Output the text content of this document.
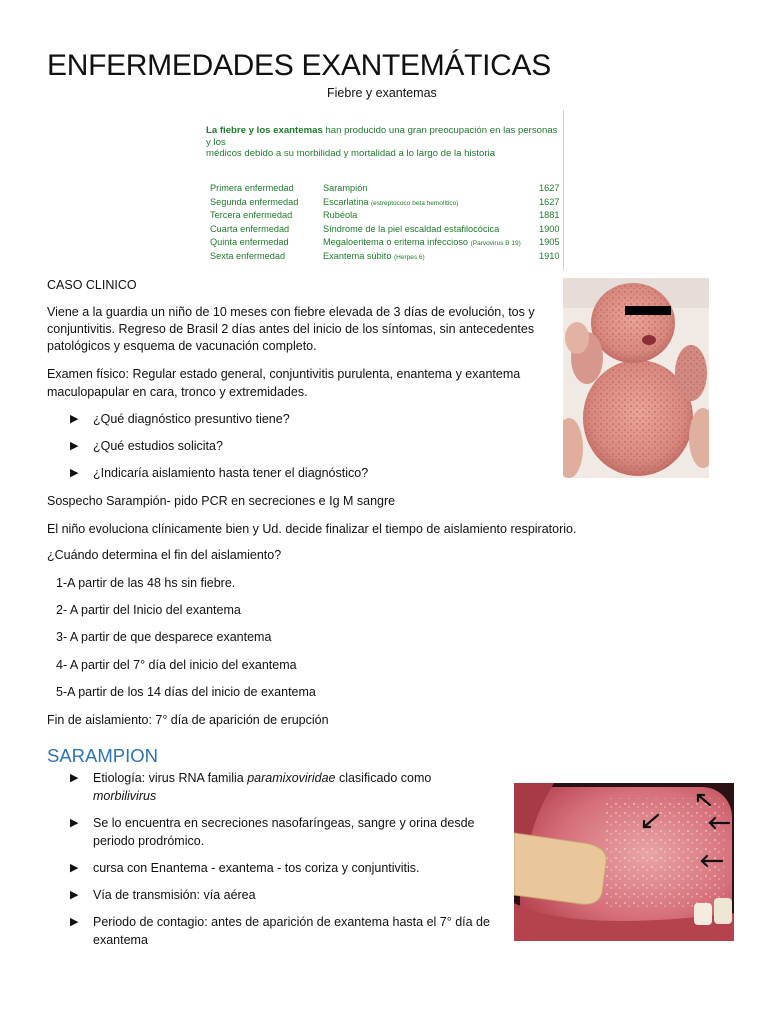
ENFERMEDADES EXANTEMÁTICAS
Fiebre y exantemas
La fiebre y los exantemas han producido una gran preocupación en las personas y los
médicos debido a su morbilidad y mortalidad a lo largo de la historia
Primera enfermedad	Sarampión	1627
Segunda enfermedad	Escarlatina (estreptococo beta hemolítico)	1627
Tercera enfermedad	Rubéola	1881
Cuarta enfermedad	Síndrome de la piel escaldad estafilocócica	1900
Quinta enfermedad	Megaloeritema o eritema infeccioso (Parvovirus B 19) 1905
Sexta enfermedad	Exantema súbito (Herpes 6)	1910
CASO CLINICO
Viene a la guardia un niño de 10 meses con fiebre elevada de 3 días de evolución, tos y
conjuntivitis. Regreso de Brasil 2 días antes del inicio de los síntomas, sin antecedentes
patológicos y esquema de vacunación completo.
Examen físico: Regular estado general, conjuntivitis purulenta, enantema y exantema
maculopapular en cara, tronco y extremidades.
▶ ¿Qué diagnóstico presuntivo tiene?
▶ ¿Qué estudios solicita?
▶ ¿Indicaría aislamiento hasta tener el diagnóstico?
Sospecho Sarampión- pido PCR en secreciones e Ig M sangre
El niño evoluciona clínicamente bien y Ud. decide finalizar el tiempo de aislamiento respiratorio.
¿Cuándo determina el fin del aislamiento?
1-A partir de las 48 hs sin fiebre.
2- A partir del Inicio del exantema
3- A partir de que desparece exantema
4- A partir del 7° día del inicio del exantema
5-A partir de los 14 días del inicio de exantema
Fin de aislamiento: 7° día de aparición de erupción
SARAMPION
▶ Etiología: virus RNA familia paramixoviridae clasificado como
morbilivirus
▶ Se lo encuentra en secreciones nasofaríngeas, sangre y orina desde
periodo prodrómico.
▶ cursa con Enantema - exantema - tos coriza y conjuntivitis.
▶ Vía de transmisión: vía aérea
▶ Periodo de contagio: antes de aparición de exantema hasta el 7° día de
exantema
